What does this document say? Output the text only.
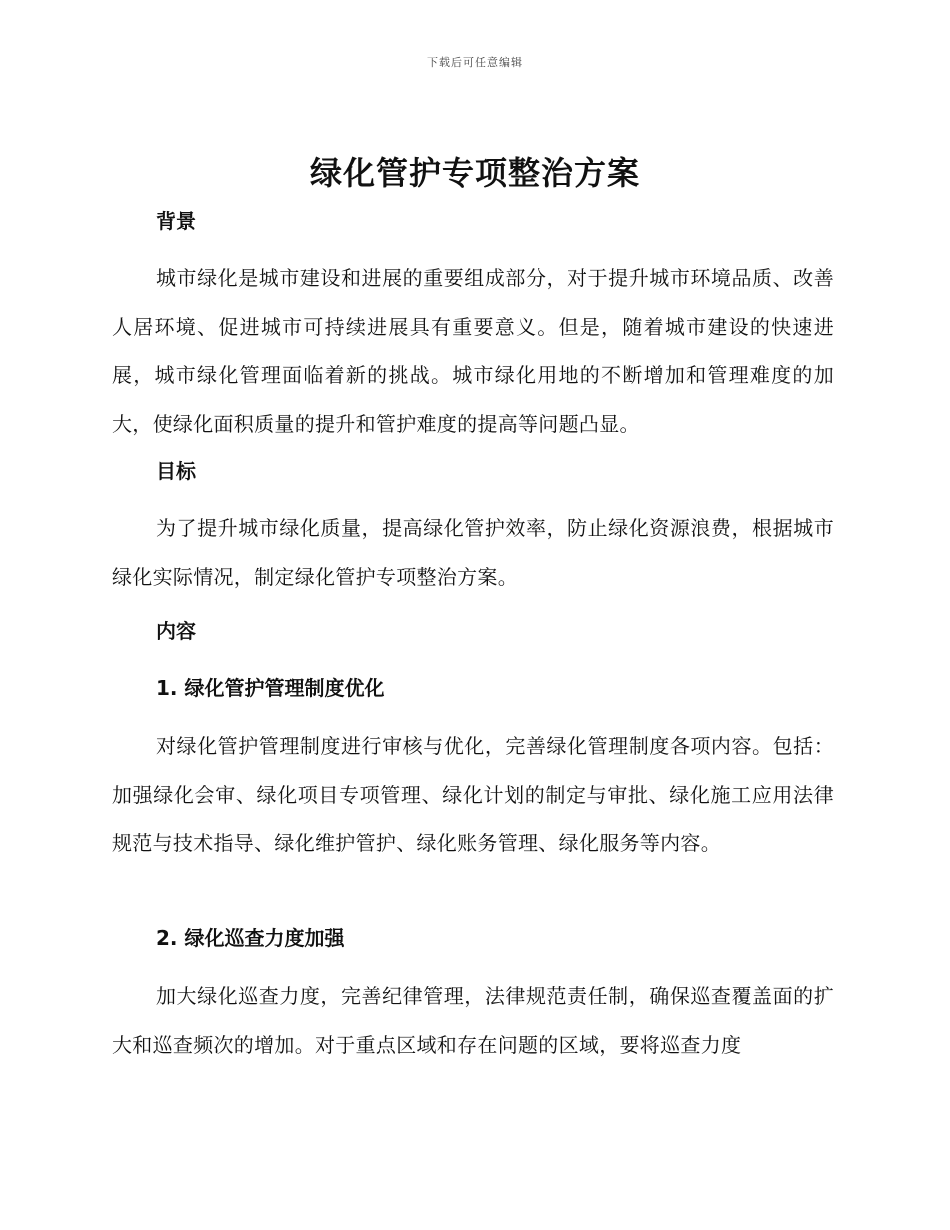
下载后可任意编辑
绿化管护专项整治方案
背景
城市绿化是城市建设和进展的重要组成部分，对于提升城市环境品质、改善人居环境、促进城市可持续进展具有重要意义。但是，随着城市建设的快速进展，城市绿化管理面临着新的挑战。城市绿化用地的不断增加和管理难度的加大，使绿化面积质量的提升和管护难度的提高等问题凸显。
目标
为了提升城市绿化质量，提高绿化管护效率，防止绿化资源浪费，根据城市绿化实际情况，制定绿化管护专项整治方案。
内容
1. 绿化管护管理制度优化
对绿化管护管理制度进行审核与优化，完善绿化管理制度各项内容。包括：加强绿化会审、绿化项目专项管理、绿化计划的制定与审批、绿化施工应用法律规范与技术指导、绿化维护管护、绿化账务管理、绿化服务等内容。
2. 绿化巡查力度加强
加大绿化巡查力度，完善纪律管理，法律规范责任制，确保巡查覆盖面的扩大和巡查频次的增加。对于重点区域和存在问题的区域，要将巡查力度
